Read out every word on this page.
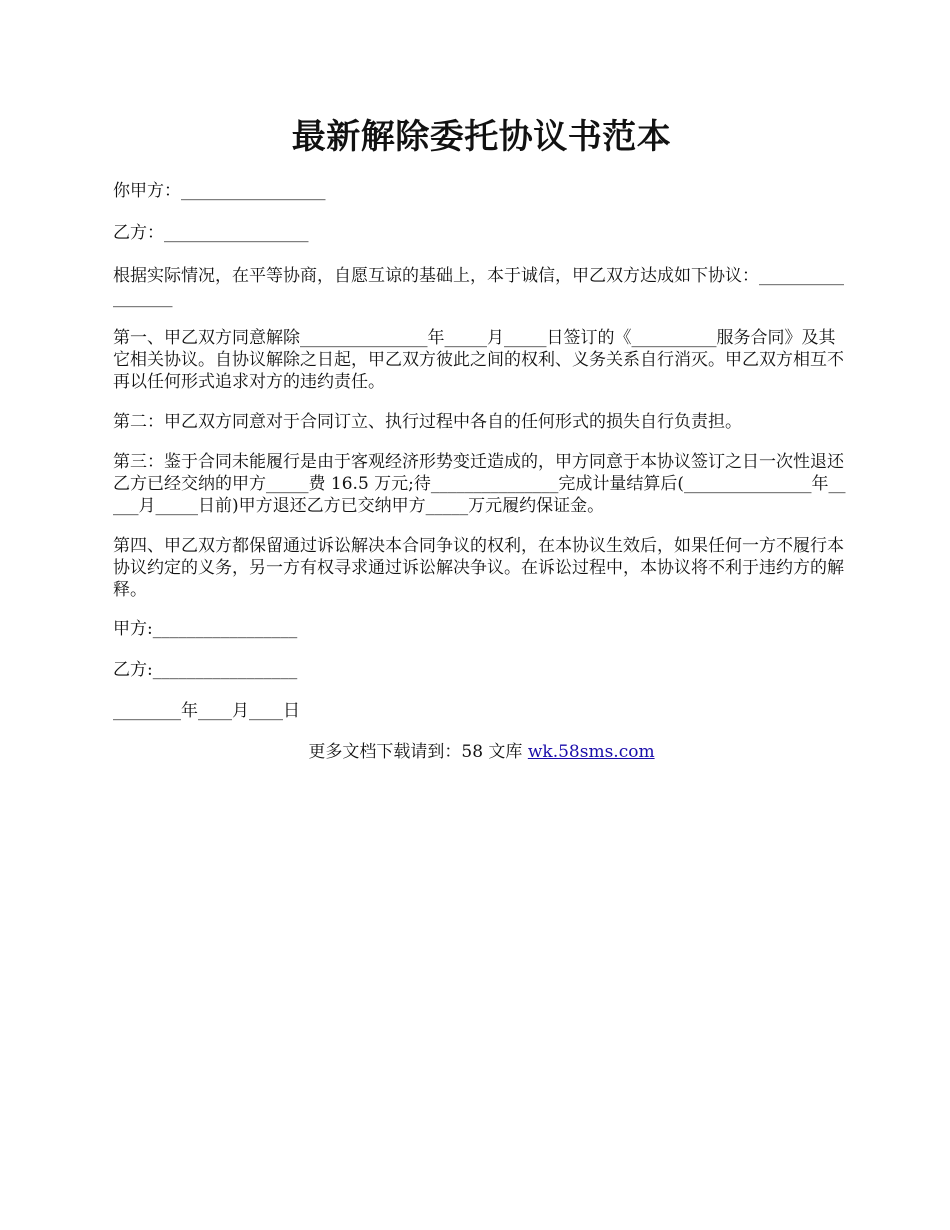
最新解除委托协议书范本

你甲方：_________________

乙方：_________________

根据实际情况，在平等协商，自愿互谅的基础上，本于诚信，甲乙双方达成如下协议：_________________

第一、甲乙双方同意解除_______________年_____月_____日签订的《__________服务合同》及其它相关协议。自协议解除之日起，甲乙双方彼此之间的权利、义务关系自行消灭。甲乙双方相互不再以任何形式追求对方的违约责任。

第二：甲乙双方同意对于合同订立、执行过程中各自的任何形式的损失自行负责担。

第三：鉴于合同未能履行是由于客观经济形势变迁造成的，甲方同意于本协议签订之日一次性退还乙方已经交纳的甲方_____费 16.5 万元;待_______________完成计量结算后(_______________年_____月_____日前)甲方退还乙方已交纳甲方_____万元履约保证金。

第四、甲乙双方都保留通过诉讼解决本合同争议的权利，在本协议生效后，如果任何一方不履行本协议约定的义务，另一方有权寻求通过诉讼解决争议。在诉讼过程中，本协议将不利于违约方的解释。

甲方:_________________

乙方:_________________

________年____月____日

更多文档下载请到：58 文库 wk.58sms.com
